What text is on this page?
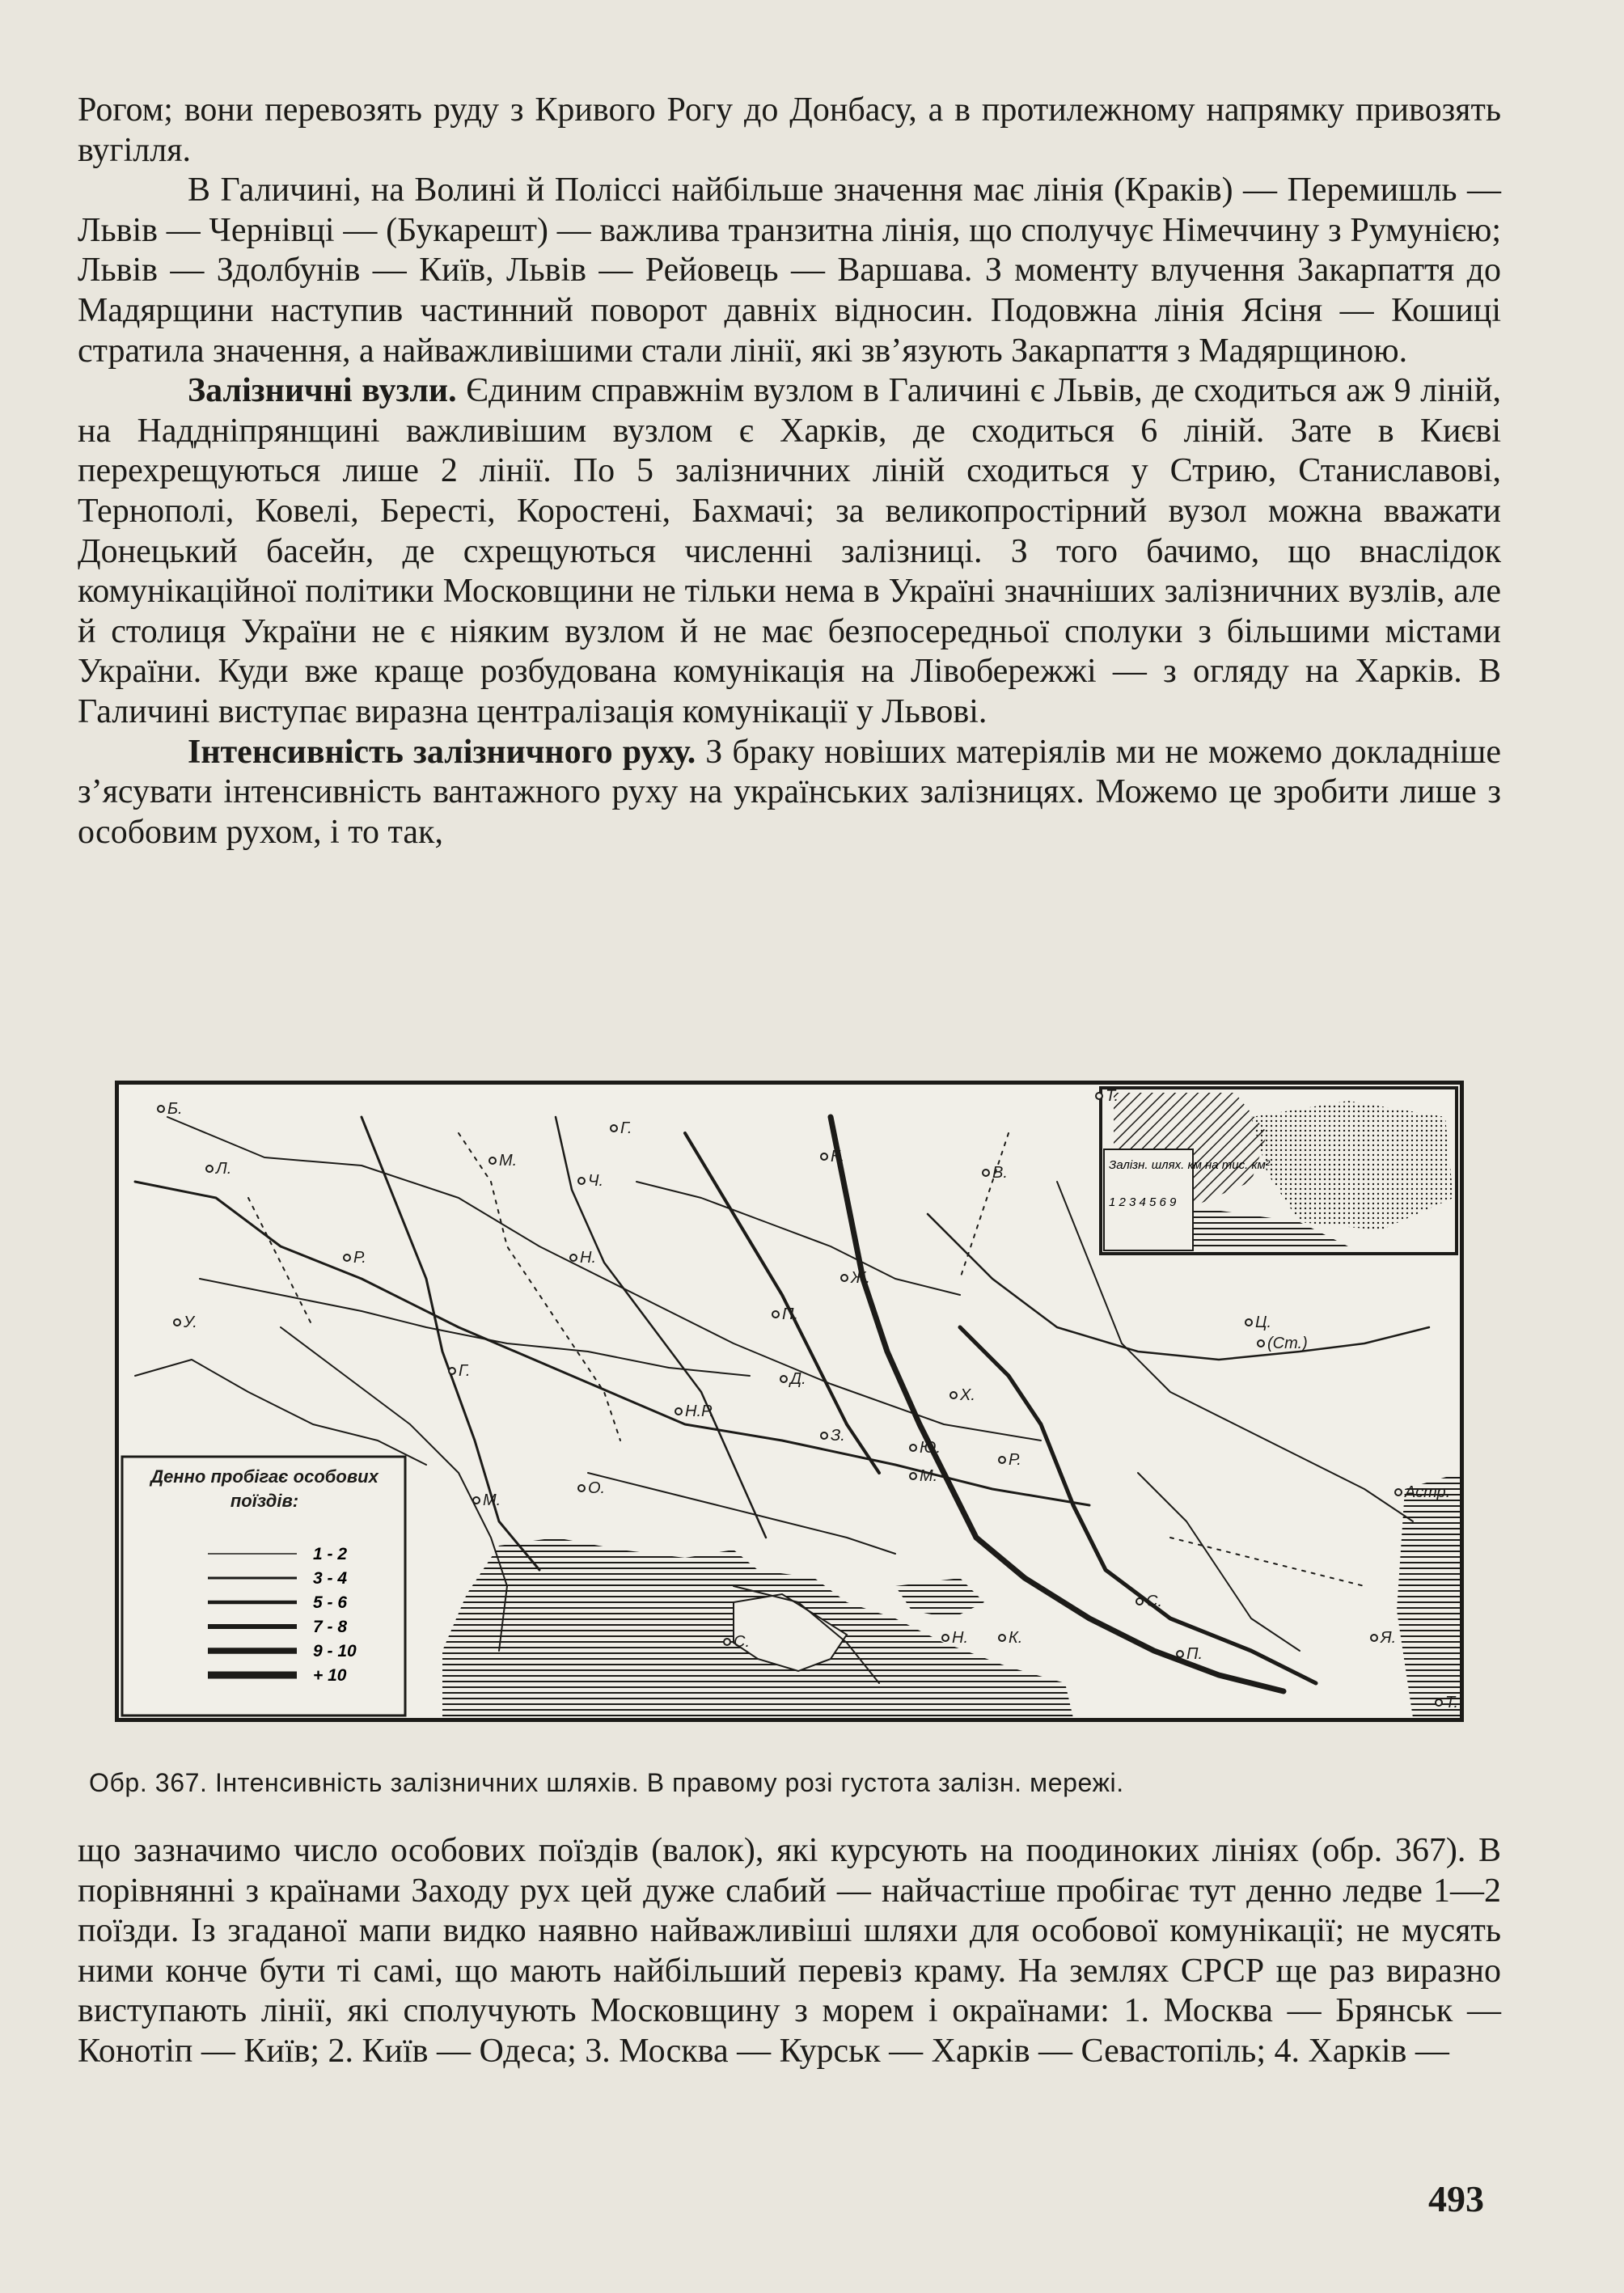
Рогом; вони перевозять руду з Кривого Рогу до Донбасу, а в протилежному напрямку привозять вугілля.

В Галичині, на Волині й Поліссі найбільше значення має лінія (Краків) — Перемишль — Львів — Чернівці — (Букарешт) — важлива транзитна лінія, що сполучує Німеччину з Румунією; Львів — Здолбунів — Київ, Львів — Рейовець — Варшава. З моменту влучення Закарпаття до Мадярщини наступив частинний поворот давніх відносин. Подовжна лінія Ясіня — Кошиці стратила значення, а найважливішими стали лінії, які зв’язують Закарпаття з Мадярщиною.

Залізничні вузли. Єдиним справжнім вузлом в Галичині є Львів, де сходиться аж 9 ліній, на Наддніпрянщині важливішим вузлом є Харків, де сходиться 6 ліній. Зате в Києві перехрещуються лише 2 лінії. По 5 залізничних ліній сходиться у Стрию, Станиславові, Тернополі, Ковелі, Бересті, Коростені, Бахмачі; за великопростірний вузол можна вважати Донецький басейн, де схрещуються численні залізниці. З того бачимо, що внаслідок комунікаційної політики Московщини не тільки нема в Україні значніших залізничних вузлів, але й столиця України не є ніяким вузлом й не має безпосередньої сполуки з більшими містами України. Куди вже краще розбудована комунікація на Лівобережжі — з огляду на Харків. В Галичині виступає виразна централізація комунікації у Львові.

Інтенсивність залізничного руху. З браку новіших матеріялів ми не можемо докладніше з’ясувати інтенсивність вантажного руху на українських залізницях. Можемо це зробити лише з особовим рухом, і то так,

Залізн. шлях. км на тис. км²
1 2 3 4 5 6 9
Денно пробігає особових поїздів:
1 - 2
3 - 4
5 - 6
7 - 8
9 - 10
+ 10
Б.
Л.	М.
Ч.
Г.
К.
В.
Т.
Н.
Ж.
Р.
У.	П.	Ц.
(Ст.)
Г.	Д.
Х.
Н.Р.
З.
Ю.
М.
О.
М.
Р.
Астр.
С.
Н.	К.
С.
П.
Т.
Я.
Обр. 367. Інтенсивність залізничних шляхів. В правому розі густота залізн. мережі.

що зазначимо число особових поїздів (валок), які курсують на поодиноких лініях (обр. 367). В порівнянні з країнами Заходу рух цей дуже слабий — найчастіше пробігає тут денно ледве 1—2 поїзди. Із згаданої мапи видко наявно найважливіші шляхи для особової комунікації; не мусять ними конче бути ті самі, що мають найбільший перевіз краму. На землях СРСР ще раз виразно виступають лінії, які сполучують Московщину з морем і окраїнами: 1. Москва — Брянськ — Конотіп — Київ; 2. Київ — Одеса; 3. Москва — Курськ — Харків — Севастопіль; 4. Харків —

493
